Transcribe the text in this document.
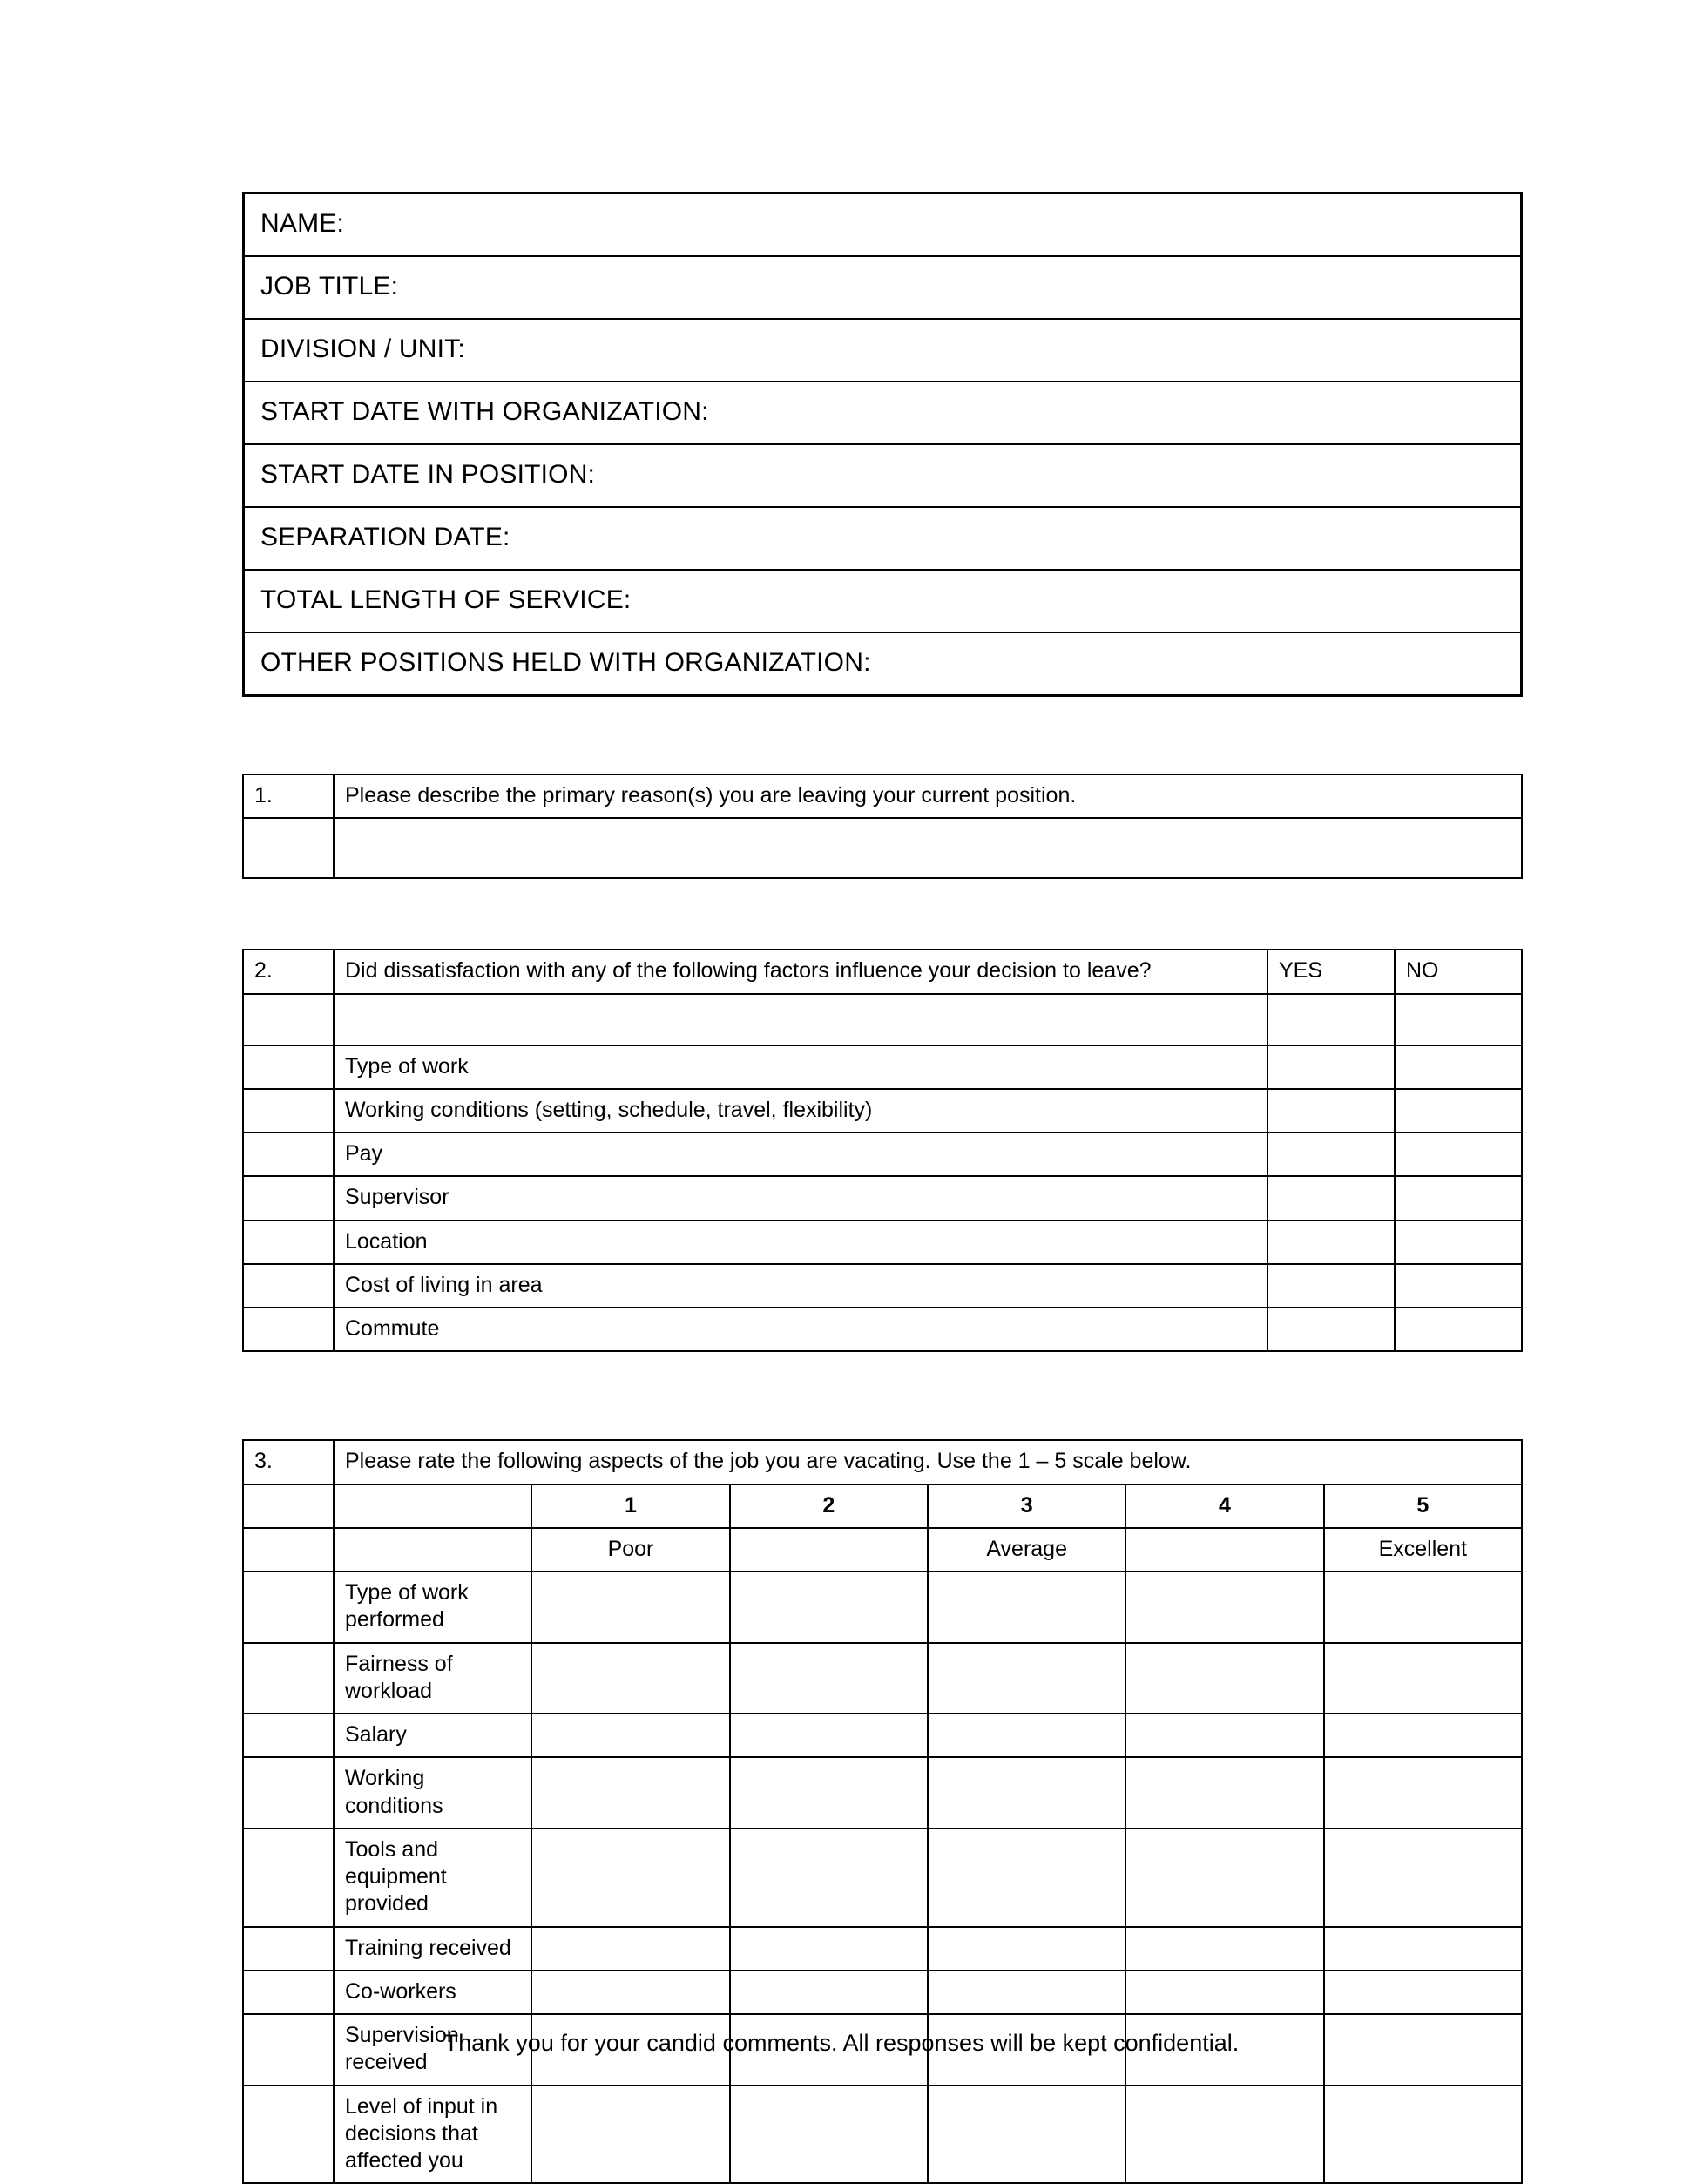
NAME:
JOB TITLE:
DIVISION / UNIT:
START DATE WITH ORGANIZATION:
START DATE IN POSITION:
SEPARATION DATE:
TOTAL LENGTH OF SERVICE:
OTHER POSITIONS HELD WITH ORGANIZATION:
1.	Please describe the primary reason(s) you are leaving your current position.

2.	Did dissatisfaction with any of the following factors influence your decision to leave?	YES	NO

	Type of work		
	Working conditions (setting, schedule, travel, flexibility)		
	Pay		
	Supervisor		
	Location		
	Cost of living in area		
	Commute		
3.	Please rate the following aspects of the job you are vacating. Use the 1 – 5 scale below.					
		1	2	3	4	5
		Poor		Average		Excellent
	Type of work performed					
	Fairness of workload					
	Salary					
	Working conditions					
	Tools and equipment provided					
	Training received					
	Co-workers					
	Supervision received					
	Level of input in decisions that affected you					
Thank you for your candid comments. All responses will be kept confidential.
